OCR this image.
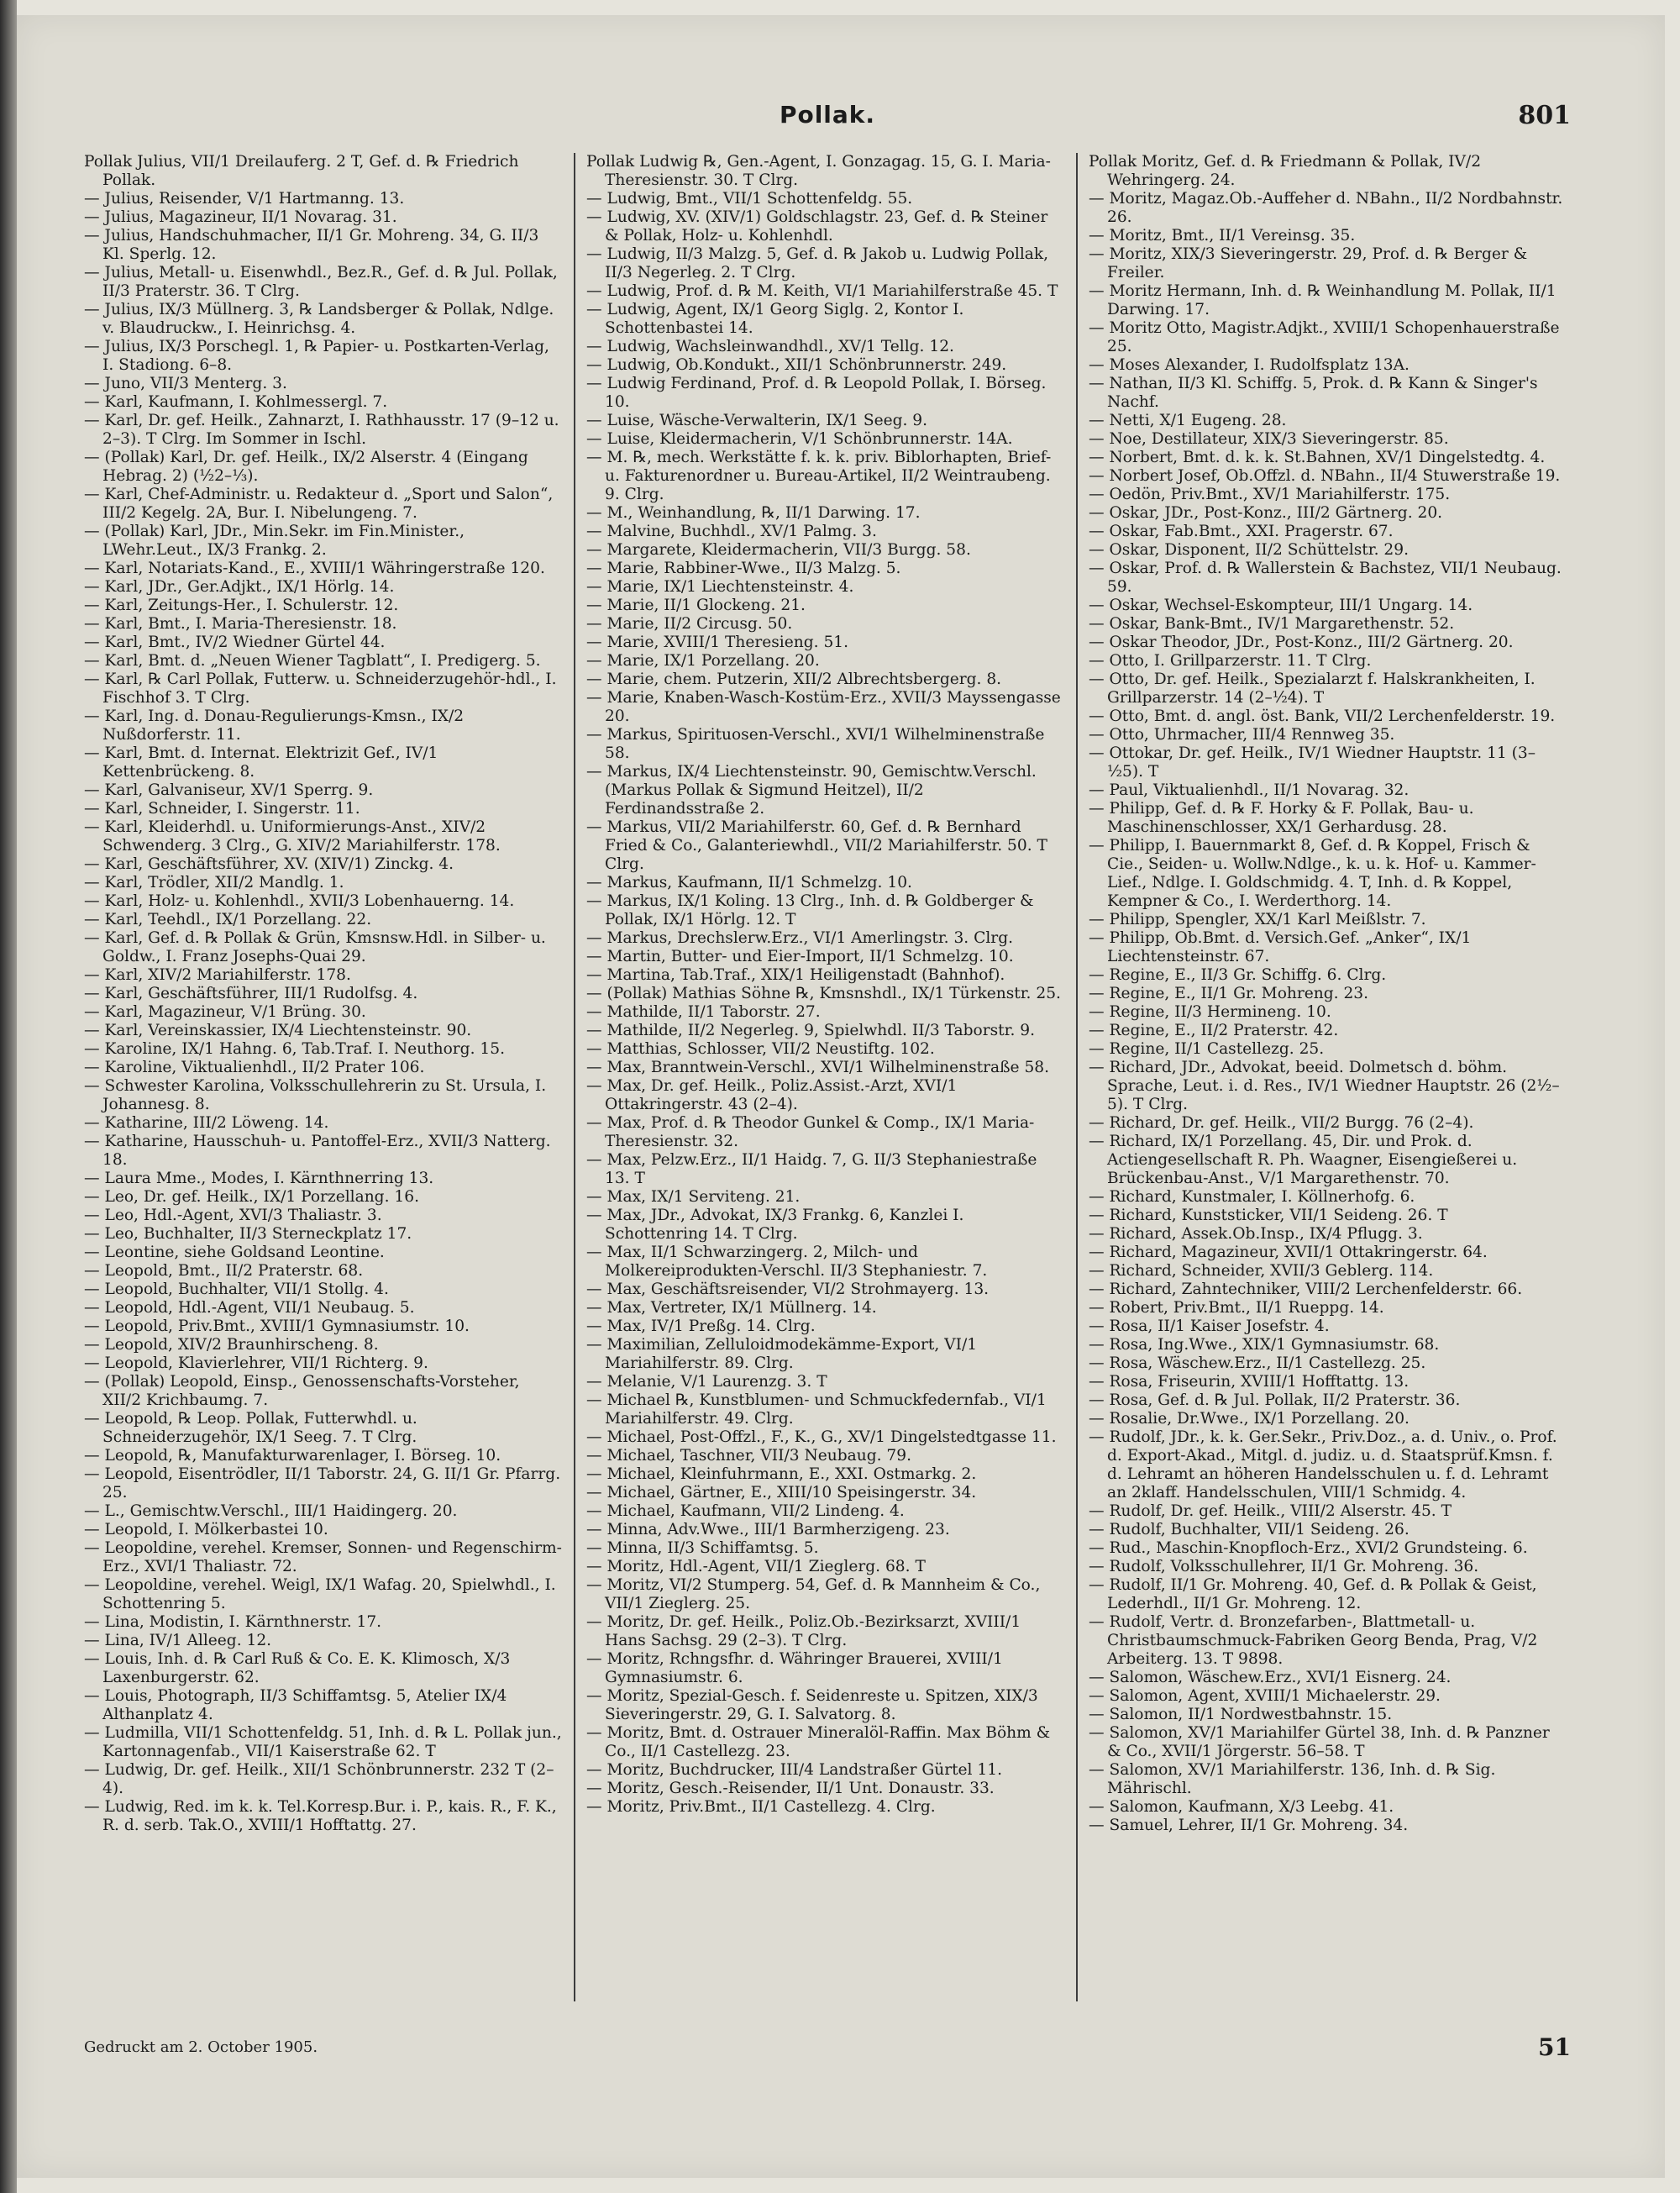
Pollak.	801

Pollak Julius, VII/1 Dreilauferg. 2 T, Gef. d. ℞ Friedrich Pollak.

— Julius, Reisender, V/1 Hartmanng. 13.

— Julius, Magazineur, II/1 Novarag. 31.

— Julius, Handschuhmacher, II/1 Gr. Mohreng. 34, G. II/3 Kl. Sperlg. 12.

— Julius, Metall- u. Eisenwhdl., Bez.R., Gef. d. ℞ Jul. Pollak, II/3 Praterstr. 36. T Clrg.

— Julius, IX/3 Müllnerg. 3, ℞ Landsberger & Pollak, Ndlge. v. Blaudruckw., I. Heinrichsg. 4.

— Julius, IX/3 Porschegl. 1, ℞ Papier- u. Postkarten-Verlag, I. Stadiong. 6–8.

— Juno, VII/3 Menterg. 3.

— Karl, Kaufmann, I. Kohlmessergl. 7.

— Karl, Dr. gef. Heilk., Zahnarzt, I. Rathhausstr. 17 (9–12 u. 2–3). T Clrg. Im Sommer in Ischl.

— (Pollak) Karl, Dr. gef. Heilk., IX/2 Alserstr. 4 (Eingang Hebrag. 2) (½2–⅓).

— Karl, Chef-Administr. u. Redakteur d. „Sport und Salon“, III/2 Kegelg. 2A, Bur. I. Nibelungeng. 7.

— (Pollak) Karl, JDr., Min.Sekr. im Fin.Minister., LWehr.Leut., IX/3 Frankg. 2.

— Karl, Notariats-Kand., E., XVIII/1 Währingerstraße 120.

— Karl, JDr., Ger.Adjkt., IX/1 Hörlg. 14.

— Karl, Zeitungs-Her., I. Schulerstr. 12.

— Karl, Bmt., I. Maria-Theresienstr. 18.

— Karl, Bmt., IV/2 Wiedner Gürtel 44.

— Karl, Bmt. d. „Neuen Wiener Tagblatt“, I. Predigerg. 5.

— Karl, ℞ Carl Pollak, Futterw. u. Schneiderzugehör-hdl., I. Fischhof 3. T Clrg.

— Karl, Ing. d. Donau-Regulierungs-Kmsn., IX/2 Nußdorferstr. 11.

— Karl, Bmt. d. Internat. Elektrizit Gef., IV/1 Kettenbrückeng. 8.

— Karl, Galvaniseur, XV/1 Sperrg. 9.

— Karl, Schneider, I. Singerstr. 11.

— Karl, Kleiderhdl. u. Uniformierungs-Anst., XIV/2 Schwenderg. 3 Clrg., G. XIV/2 Mariahilferstr. 178.

— Karl, Geschäftsführer, XV. (XIV/1) Zinckg. 4.

— Karl, Trödler, XII/2 Mandlg. 1.

— Karl, Holz- u. Kohlenhdl., XVII/3 Lobenhauerng. 14.

— Karl, Teehdl., IX/1 Porzellang. 22.

— Karl, Gef. d. ℞ Pollak & Grün, Kmsnsw.Hdl. in Silber- u. Goldw., I. Franz Josephs-Quai 29.

— Karl, XIV/2 Mariahilferstr. 178.

— Karl, Geschäftsführer, III/1 Rudolfsg. 4.

— Karl, Magazineur, V/1 Brüng. 30.

— Karl, Vereinskassier, IX/4 Liechtensteinstr. 90.

— Karoline, IX/1 Hahng. 6, Tab.Traf. I. Neuthorg. 15.

— Karoline, Viktualienhdl., II/2 Prater 106.

— Schwester Karolina, Volksschullehrerin zu St. Ursula, I. Johannesg. 8.

— Katharine, III/2 Löweng. 14.

— Katharine, Hausschuh- u. Pantoffel-Erz., XVII/3 Natterg. 18.

— Laura Mme., Modes, I. Kärnthnerring 13.

— Leo, Dr. gef. Heilk., IX/1 Porzellang. 16.

— Leo, Hdl.-Agent, XVI/3 Thaliastr. 3.

— Leo, Buchhalter, II/3 Sterneckplatz 17.

— Leontine, siehe Goldsand Leontine.

— Leopold, Bmt., II/2 Praterstr. 68.

— Leopold, Buchhalter, VII/1 Stollg. 4.

— Leopold, Hdl.-Agent, VII/1 Neubaug. 5.

— Leopold, Priv.Bmt., XVIII/1 Gymnasiumstr. 10.

— Leopold, XIV/2 Braunhirscheng. 8.

— Leopold, Klavierlehrer, VII/1 Richterg. 9.

— (Pollak) Leopold, Einsp., Genossenschafts-Vorsteher, XII/2 Krichbaumg. 7.

— Leopold, ℞ Leop. Pollak, Futterwhdl. u. Schneiderzugehör, IX/1 Seeg. 7. T Clrg.

— Leopold, ℞, Manufakturwarenlager, I. Börseg. 10.

— Leopold, Eisentrödler, II/1 Taborstr. 24, G. II/1 Gr. Pfarrg. 25.

— L., Gemischtw.Verschl., III/1 Haidingerg. 20.

— Leopold, I. Mölkerbastei 10.

— Leopoldine, verehel. Kremser, Sonnen- und Regenschirm-Erz., XVI/1 Thaliastr. 72.

— Leopoldine, verehel. Weigl, IX/1 Wafag. 20, Spielwhdl., I. Schottenring 5.

— Lina, Modistin, I. Kärnthnerstr. 17.

— Lina, IV/1 Alleeg. 12.

— Louis, Inh. d. ℞ Carl Ruß & Co. E. K. Klimosch, X/3 Laxenburgerstr. 62.

— Louis, Photograph, II/3 Schiffamtsg. 5, Atelier IX/4 Althanplatz 4.

— Ludmilla, VII/1 Schottenfeldg. 51, Inh. d. ℞ L. Pollak jun., Kartonnagenfab., VII/1 Kaiserstraße 62. T

— Ludwig, Dr. gef. Heilk., XII/1 Schönbrunnerstr. 232 T (2–4).

— Ludwig, Red. im k. k. Tel.Korresp.Bur. i. P., kais. R., F. K., R. d. serb. Tak.O., XVIII/1 Hofftattg. 27.

Pollak Ludwig ℞, Gen.-Agent, I. Gonzagag. 15, G. I. Maria-Theresienstr. 30. T Clrg.

— Ludwig, Bmt., VII/1 Schottenfeldg. 55.

— Ludwig, XV. (XIV/1) Goldschlagstr. 23, Gef. d. ℞ Steiner & Pollak, Holz- u. Kohlenhdl.

— Ludwig, II/3 Malzg. 5, Gef. d. ℞ Jakob u. Ludwig Pollak, II/3 Negerleg. 2. T Clrg.

— Ludwig, Prof. d. ℞ M. Keith, VI/1 Mariahilferstraße 45. T

— Ludwig, Agent, IX/1 Georg Siglg. 2, Kontor I. Schottenbastei 14.

— Ludwig, Wachsleinwandhdl., XV/1 Tellg. 12.

— Ludwig, Ob.Kondukt., XII/1 Schönbrunnerstr. 249.

— Ludwig Ferdinand, Prof. d. ℞ Leopold Pollak, I. Börseg. 10.

— Luise, Wäsche-Verwalterin, IX/1 Seeg. 9.

— Luise, Kleidermacherin, V/1 Schönbrunnerstr. 14A.

— M. ℞, mech. Werkstätte f. k. k. priv. Biblorhapten, Brief- u. Fakturenordner u. Bureau-Artikel, II/2 Weintraubeng. 9. Clrg.

— M., Weinhandlung, ℞, II/1 Darwing. 17.

— Malvine, Buchhdl., XV/1 Palmg. 3.

— Margarete, Kleidermacherin, VII/3 Burgg. 58.

— Marie, Rabbiner-Wwe., II/3 Malzg. 5.

— Marie, IX/1 Liechtensteinstr. 4.

— Marie, II/1 Glockeng. 21.

— Marie, II/2 Circusg. 50.

— Marie, XVIII/1 Theresieng. 51.

— Marie, IX/1 Porzellang. 20.

— Marie, chem. Putzerin, XII/2 Albrechtsbergerg. 8.

— Marie, Knaben-Wasch-Kostüm-Erz., XVII/3 Mayssengasse 20.

— Markus, Spirituosen-Verschl., XVI/1 Wilhelminenstraße 58.

— Markus, IX/4 Liechtensteinstr. 90, Gemischtw.Verschl. (Markus Pollak & Sigmund Heitzel), II/2 Ferdinandsstraße 2.

— Markus, VII/2 Mariahilferstr. 60, Gef. d. ℞ Bernhard Fried & Co., Galanteriewhdl., VII/2 Mariahilferstr. 50. T Clrg.

— Markus, Kaufmann, II/1 Schmelzg. 10.

— Markus, IX/1 Koling. 13 Clrg., Inh. d. ℞ Goldberger & Pollak, IX/1 Hörlg. 12. T

— Markus, Drechslerw.Erz., VI/1 Amerlingstr. 3. Clrg.

— Martin, Butter- und Eier-Import, II/1 Schmelzg. 10.

— Martina, Tab.Traf., XIX/1 Heiligenstadt (Bahnhof).

— (Pollak) Mathias Söhne ℞, Kmsnshdl., IX/1 Türkenstr. 25.

— Mathilde, II/1 Taborstr. 27.

— Mathilde, II/2 Negerleg. 9, Spielwhdl. II/3 Taborstr. 9.

— Matthias, Schlosser, VII/2 Neustiftg. 102.

— Max, Branntwein-Verschl., XVI/1 Wilhelminenstraße 58.

— Max, Dr. gef. Heilk., Poliz.Assist.-Arzt, XVI/1 Ottakringerstr. 43 (2–4).

— Max, Prof. d. ℞ Theodor Gunkel & Comp., IX/1 Maria-Theresienstr. 32.

— Max, Pelzw.Erz., II/1 Haidg. 7, G. II/3 Stephaniestraße 13. T

— Max, IX/1 Serviteng. 21.

— Max, JDr., Advokat, IX/3 Frankg. 6, Kanzlei I. Schottenring 14. T Clrg.

— Max, II/1 Schwarzingerg. 2, Milch- und Molkereiprodukten-Verschl. II/3 Stephaniestr. 7.

— Max, Geschäftsreisender, VI/2 Strohmayerg. 13.

— Max, Vertreter, IX/1 Müllnerg. 14.

— Max, IV/1 Preßg. 14. Clrg.

— Maximilian, Zelluloidmodekämme-Export, VI/1 Mariahilferstr. 89. Clrg.

— Melanie, V/1 Laurenzg. 3. T

— Michael ℞, Kunstblumen- und Schmuckfedernfab., VI/1 Mariahilferstr. 49. Clrg.

— Michael, Post-Offzl., F., K., G., XV/1 Dingelstedtgasse 11.

— Michael, Taschner, VII/3 Neubaug. 79.

— Michael, Kleinfuhrmann, E., XXI. Ostmarkg. 2.

— Michael, Gärtner, E., XIII/10 Speisingerstr. 34.

— Michael, Kaufmann, VII/2 Lindeng. 4.

— Minna, Adv.Wwe., III/1 Barmherzigeng. 23.

— Minna, II/3 Schiffamtsg. 5.

— Moritz, Hdl.-Agent, VII/1 Zieglerg. 68. T

— Moritz, VI/2 Stumperg. 54, Gef. d. ℞ Mannheim & Co., VII/1 Zieglerg. 25.

— Moritz, Dr. gef. Heilk., Poliz.Ob.-Bezirksarzt, XVIII/1 Hans Sachsg. 29 (2–3). T Clrg.

— Moritz, Rchngsfhr. d. Währinger Brauerei, XVIII/1 Gymnasiumstr. 6.

— Moritz, Spezial-Gesch. f. Seidenreste u. Spitzen, XIX/3 Sieveringerstr. 29, G. I. Salvatorg. 8.

— Moritz, Bmt. d. Ostrauer Mineralöl-Raffin. Max Böhm & Co., II/1 Castellezg. 23.

— Moritz, Buchdrucker, III/4 Landstraßer Gürtel 11.

— Moritz, Gesch.-Reisender, II/1 Unt. Donaustr. 33.

— Moritz, Priv.Bmt., II/1 Castellezg. 4. Clrg.

Pollak Moritz, Gef. d. ℞ Friedmann & Pollak, IV/2 Wehringerg. 24.

— Moritz, Magaz.Ob.-Auffeher d. NBahn., II/2 Nordbahnstr. 26.

— Moritz, Bmt., II/1 Vereinsg. 35.

— Moritz, XIX/3 Sieveringerstr. 29, Prof. d. ℞ Berger & Freiler.

— Moritz Hermann, Inh. d. ℞ Weinhandlung M. Pollak, II/1 Darwing. 17.

— Moritz Otto, Magistr.Adjkt., XVIII/1 Schopenhauerstraße 25.

— Moses Alexander, I. Rudolfsplatz 13A.

— Nathan, II/3 Kl. Schiffg. 5, Prok. d. ℞ Kann & Singer's Nachf.

— Netti, X/1 Eugeng. 28.

— Noe, Destillateur, XIX/3 Sieveringerstr. 85.

— Norbert, Bmt. d. k. k. St.Bahnen, XV/1 Dingelstedtg. 4.

— Norbert Josef, Ob.Offzl. d. NBahn., II/4 Stuwerstraße 19.

— Oedön, Priv.Bmt., XV/1 Mariahilferstr. 175.

— Oskar, JDr., Post-Konz., III/2 Gärtnerg. 20.

— Oskar, Fab.Bmt., XXI. Pragerstr. 67.

— Oskar, Disponent, II/2 Schüttelstr. 29.

— Oskar, Prof. d. ℞ Wallerstein & Bachstez, VII/1 Neubaug. 59.

— Oskar, Wechsel-Eskompteur, III/1 Ungarg. 14.

— Oskar, Bank-Bmt., IV/1 Margarethenstr. 52.

— Oskar Theodor, JDr., Post-Konz., III/2 Gärtnerg. 20.

— Otto, I. Grillparzerstr. 11. T Clrg.

— Otto, Dr. gef. Heilk., Spezialarzt f. Halskrankheiten, I. Grillparzerstr. 14 (2–½4). T

— Otto, Bmt. d. angl. öst. Bank, VII/2 Lerchenfelderstr. 19.

— Otto, Uhrmacher, III/4 Rennweg 35.

— Ottokar, Dr. gef. Heilk., IV/1 Wiedner Hauptstr. 11 (3–½5). T

— Paul, Viktualienhdl., II/1 Novarag. 32.

— Philipp, Gef. d. ℞ F. Horky & F. Pollak, Bau- u. Maschinenschlosser, XX/1 Gerhardusg. 28.

— Philipp, I. Bauernmarkt 8, Gef. d. ℞ Koppel, Frisch & Cie., Seiden- u. Wollw.Ndlge., k. u. k. Hof- u. Kammer-Lief., Ndlge. I. Goldschmidg. 4. T, Inh. d. ℞ Koppel, Kempner & Co., I. Werderthorg. 14.

— Philipp, Spengler, XX/1 Karl Meißlstr. 7.

— Philipp, Ob.Bmt. d. Versich.Gef. „Anker“, IX/1 Liechtensteinstr. 67.

— Regine, E., II/3 Gr. Schiffg. 6. Clrg.

— Regine, E., II/1 Gr. Mohreng. 23.

— Regine, II/3 Hermineng. 10.

— Regine, E., II/2 Praterstr. 42.

— Regine, II/1 Castellezg. 25.

— Richard, JDr., Advokat, beeid. Dolmetsch d. böhm. Sprache, Leut. i. d. Res., IV/1 Wiedner Hauptstr. 26 (2½–5). T Clrg.

— Richard, Dr. gef. Heilk., VII/2 Burgg. 76 (2–4).

— Richard, IX/1 Porzellang. 45, Dir. und Prok. d. Actiengesellschaft R. Ph. Waagner, Eisengießerei u. Brückenbau-Anst., V/1 Margarethenstr. 70.

— Richard, Kunstmaler, I. Köllnerhofg. 6.

— Richard, Kunststicker, VII/1 Seideng. 26. T

— Richard, Assek.Ob.Insp., IX/4 Pflugg. 3.

— Richard, Magazineur, XVII/1 Ottakringerstr. 64.

— Richard, Schneider, XVII/3 Geblerg. 114.

— Richard, Zahntechniker, VIII/2 Lerchenfelderstr. 66.

— Robert, Priv.Bmt., II/1 Rueppg. 14.

— Rosa, II/1 Kaiser Josefstr. 4.

— Rosa, Ing.Wwe., XIX/1 Gymnasiumstr. 68.

— Rosa, Wäschew.Erz., II/1 Castellezg. 25.

— Rosa, Friseurin, XVIII/1 Hofftattg. 13.

— Rosa, Gef. d. ℞ Jul. Pollak, II/2 Praterstr. 36.

— Rosalie, Dr.Wwe., IX/1 Porzellang. 20.

— Rudolf, JDr., k. k. Ger.Sekr., Priv.Doz., a. d. Univ., o. Prof. d. Export-Akad., Mitgl. d. judiz. u. d. Staatsprüf.Kmsn. f. d. Lehramt an höheren Handelsschulen u. f. d. Lehramt an 2klaff. Handelsschulen, VIII/1 Schmidg. 4.

— Rudolf, Dr. gef. Heilk., VIII/2 Alserstr. 45. T

— Rudolf, Buchhalter, VII/1 Seideng. 26.

— Rud., Maschin-Knopfloch-Erz., XVI/2 Grundsteing. 6.

— Rudolf, Volksschullehrer, II/1 Gr. Mohreng. 36.

— Rudolf, II/1 Gr. Mohreng. 40, Gef. d. ℞ Pollak & Geist, Lederhdl., II/1 Gr. Mohreng. 12.

— Rudolf, Vertr. d. Bronzefarben-, Blattmetall- u. Christbaumschmuck-Fabriken Georg Benda, Prag, V/2 Arbeiterg. 13. T 9898.

— Salomon, Wäschew.Erz., XVI/1 Eisnerg. 24.

— Salomon, Agent, XVIII/1 Michaelerstr. 29.

— Salomon, II/1 Nordwestbahnstr. 15.

— Salomon, XV/1 Mariahilfer Gürtel 38, Inh. d. ℞ Panzner & Co., XVII/1 Jörgerstr. 56–58. T

— Salomon, XV/1 Mariahilferstr. 136, Inh. d. ℞ Sig. Mährischl.

— Salomon, Kaufmann, X/3 Leebg. 41.

— Samuel, Lehrer, II/1 Gr. Mohreng. 34.

Gedruckt am 2. October 1905.	51
